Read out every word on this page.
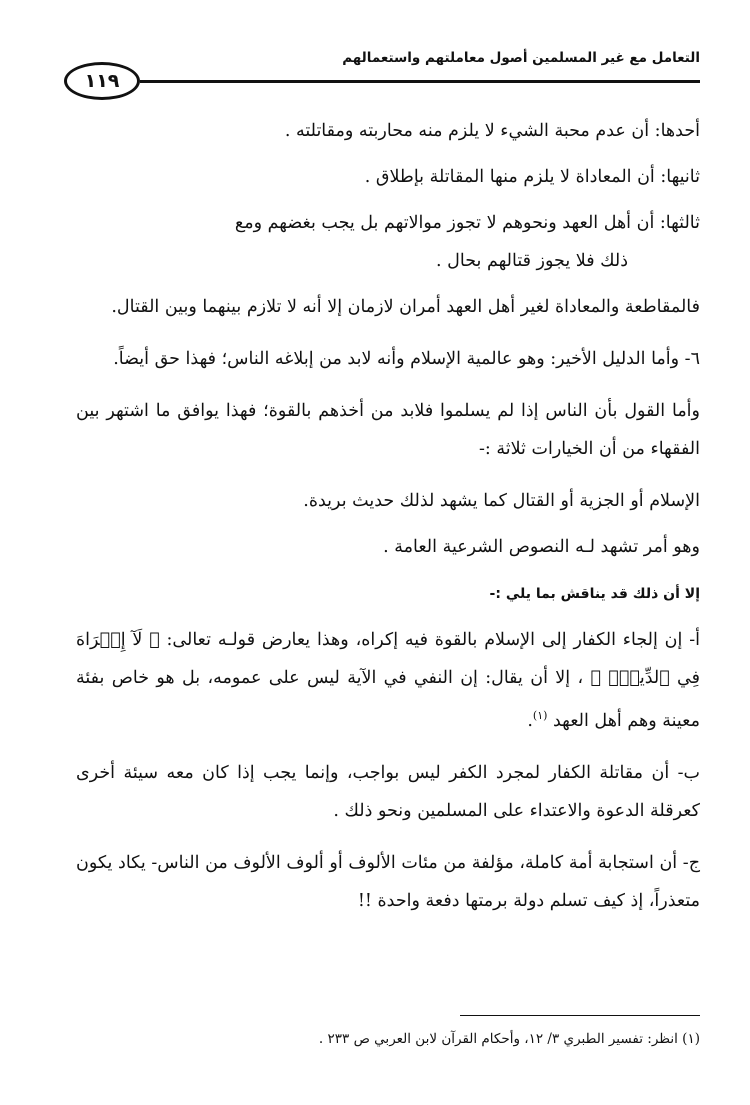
التعامل مع غير المسلمين أصول معاملتهم واستعمالهم
١١٩

أحدها: أن عدم محبة الشيء لا يلزم منه محاربته ومقاتلته .

ثانيها: أن المعاداة لا يلزم منها المقاتلة بإطلاق .

ثالثها: أن أهل العهد ونحوهم لا تجوز موالاتهم بل يجب بغضهم ومع
ذلك فلا يجوز قتالهم بحال .

فالمقاطعة والمعاداة لغير أهل العهد أمران لازمان إلا أنه لا تلازم بينهما وبين القتال.

٦- وأما الدليل الأخير: وهو عالمية الإسلام وأنه لابد من إبلاغه الناس؛ فهذا حق أيضاً.

وأما القول بأن الناس إذا لم يسلموا فلابد من أخذهم بالقوة؛ فهذا يوافق ما اشتهر بين الفقهاء من أن الخيارات ثلاثة :-

الإسلام أو الجزية أو القتال كما يشهد لذلك حديث بريدة.

وهو أمر تشهد لـه النصوص الشرعية العامة .

إلا أن ذلك قد يناقش بما يلي :-

أ- إن إلجاء الكفار إلى الإسلام بالقوة فيه إكراه، وهذا يعارض قولـه تعالى: ﴿ لَآ إِكۡرَاهَ فِي ٱلدِّينِۖ ﴾ ، إلا أن يقال: إن النفي في الآية ليس على عمومه، بل هو خاص بفئة معينة وهم أهل العهد $^{(١)}$.

ب- أن مقاتلة الكفار لمجرد الكفر ليس بواجب، وإنما يجب إذا كان معه سيئة أخرى كعرقلة الدعوة والاعتداء على المسلمين ونحو ذلك .

ج- أن استجابة أمة كاملة، مؤلفة من مئات الألوف أو ألوف الألوف من الناس- يكاد يكون متعذراً، إذ كيف تسلم دولة برمتها دفعة واحدة !!

(١) انظر: تفسير الطبري ٣/ ١٢، وأحكام القرآن لابن العربي ص ٢٣٣ .
